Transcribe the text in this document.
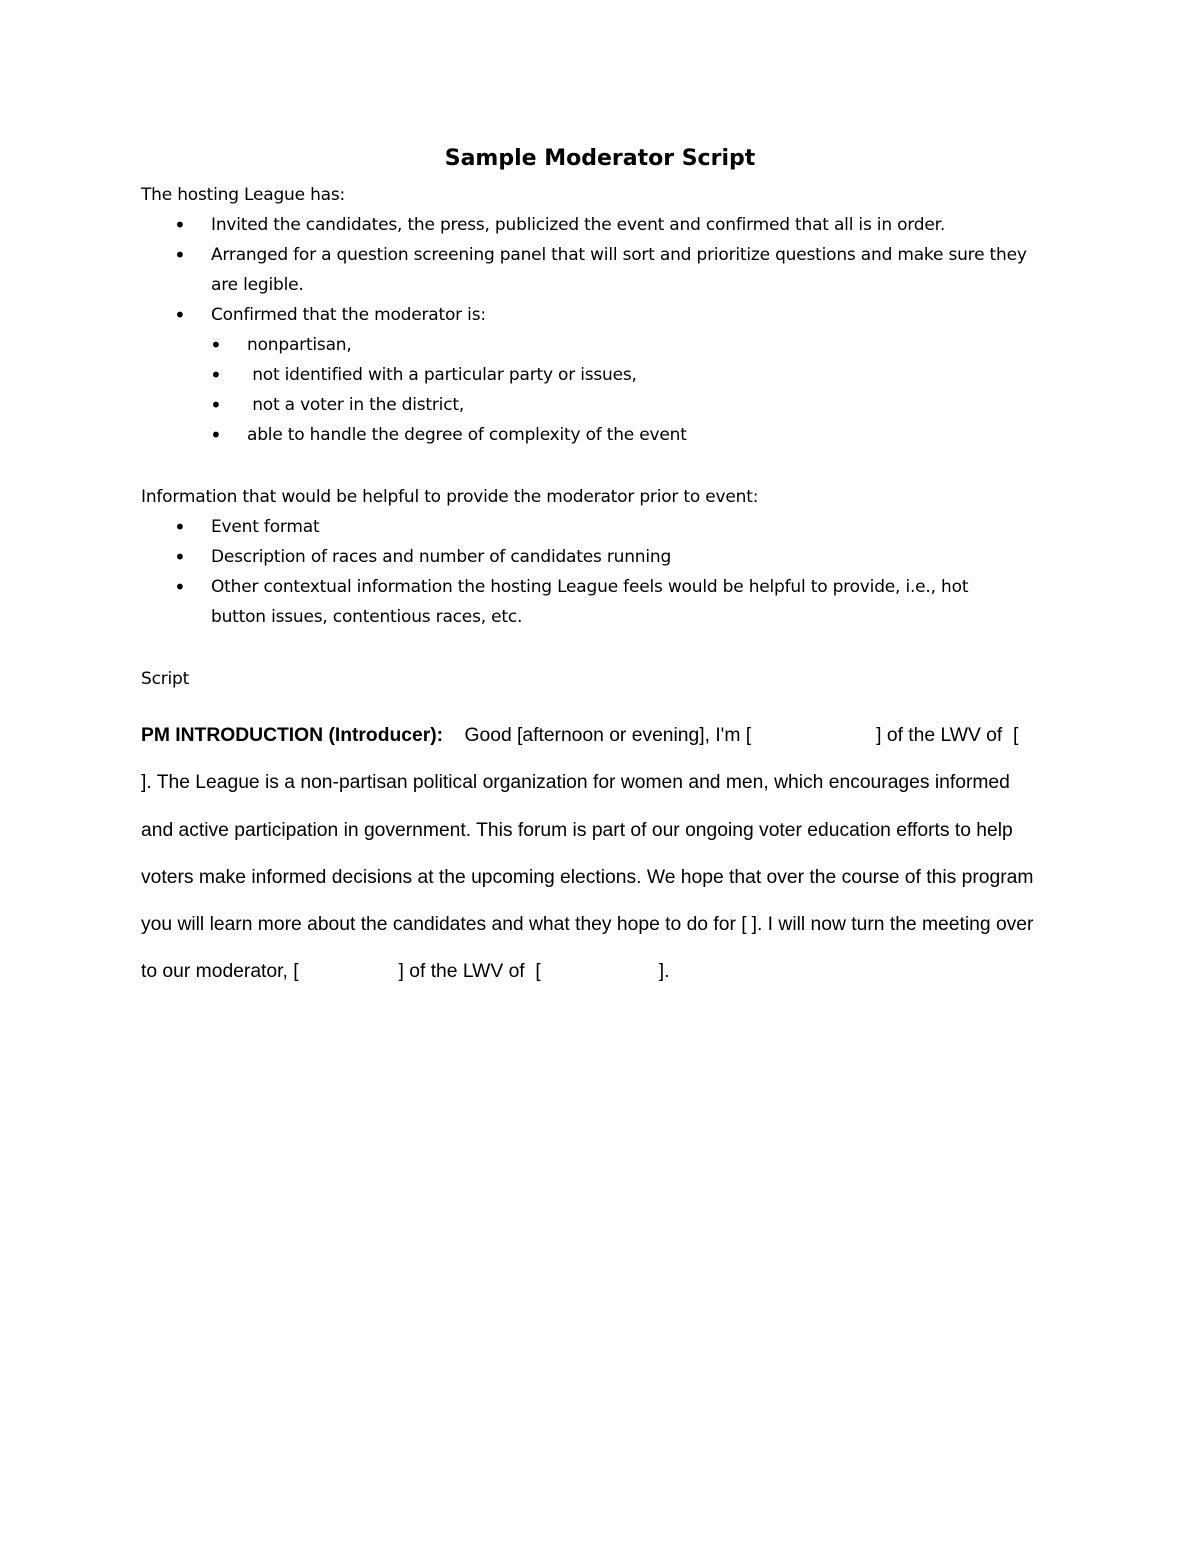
Sample Moderator Script

The hosting League has:

• Invited the candidates, the press, publicized the event and confirmed that all is in order.
• Arranged for a question screening panel that will sort and prioritize questions and make sure they are legible.
• Confirmed that the moderator is:
• nonpartisan,
•  not identified with a particular party or issues,
•  not a voter in the district,
• able to handle the degree of complexity of the event

Information that would be helpful to provide the moderator prior to event:

• Event format
• Description of races and number of candidates running
• Other contextual information the hosting League feels would be helpful to provide, i.e., hot button issues, contentious races, etc.

Script

PM INTRODUCTION (Introducer): Good [afternoon or evening], I'm [	] of the LWV of  []. The League is a non-partisan political organization for women and men, which encourages informed and active participation in government. This forum is part of our ongoing voter education efforts to help voters make informed decisions at the upcoming elections. We hope that over the course of this program you will learn more about the candidates and what they hope to do for [ ]. I will now turn the meeting over to our moderator, [	] of the LWV of  [	].
